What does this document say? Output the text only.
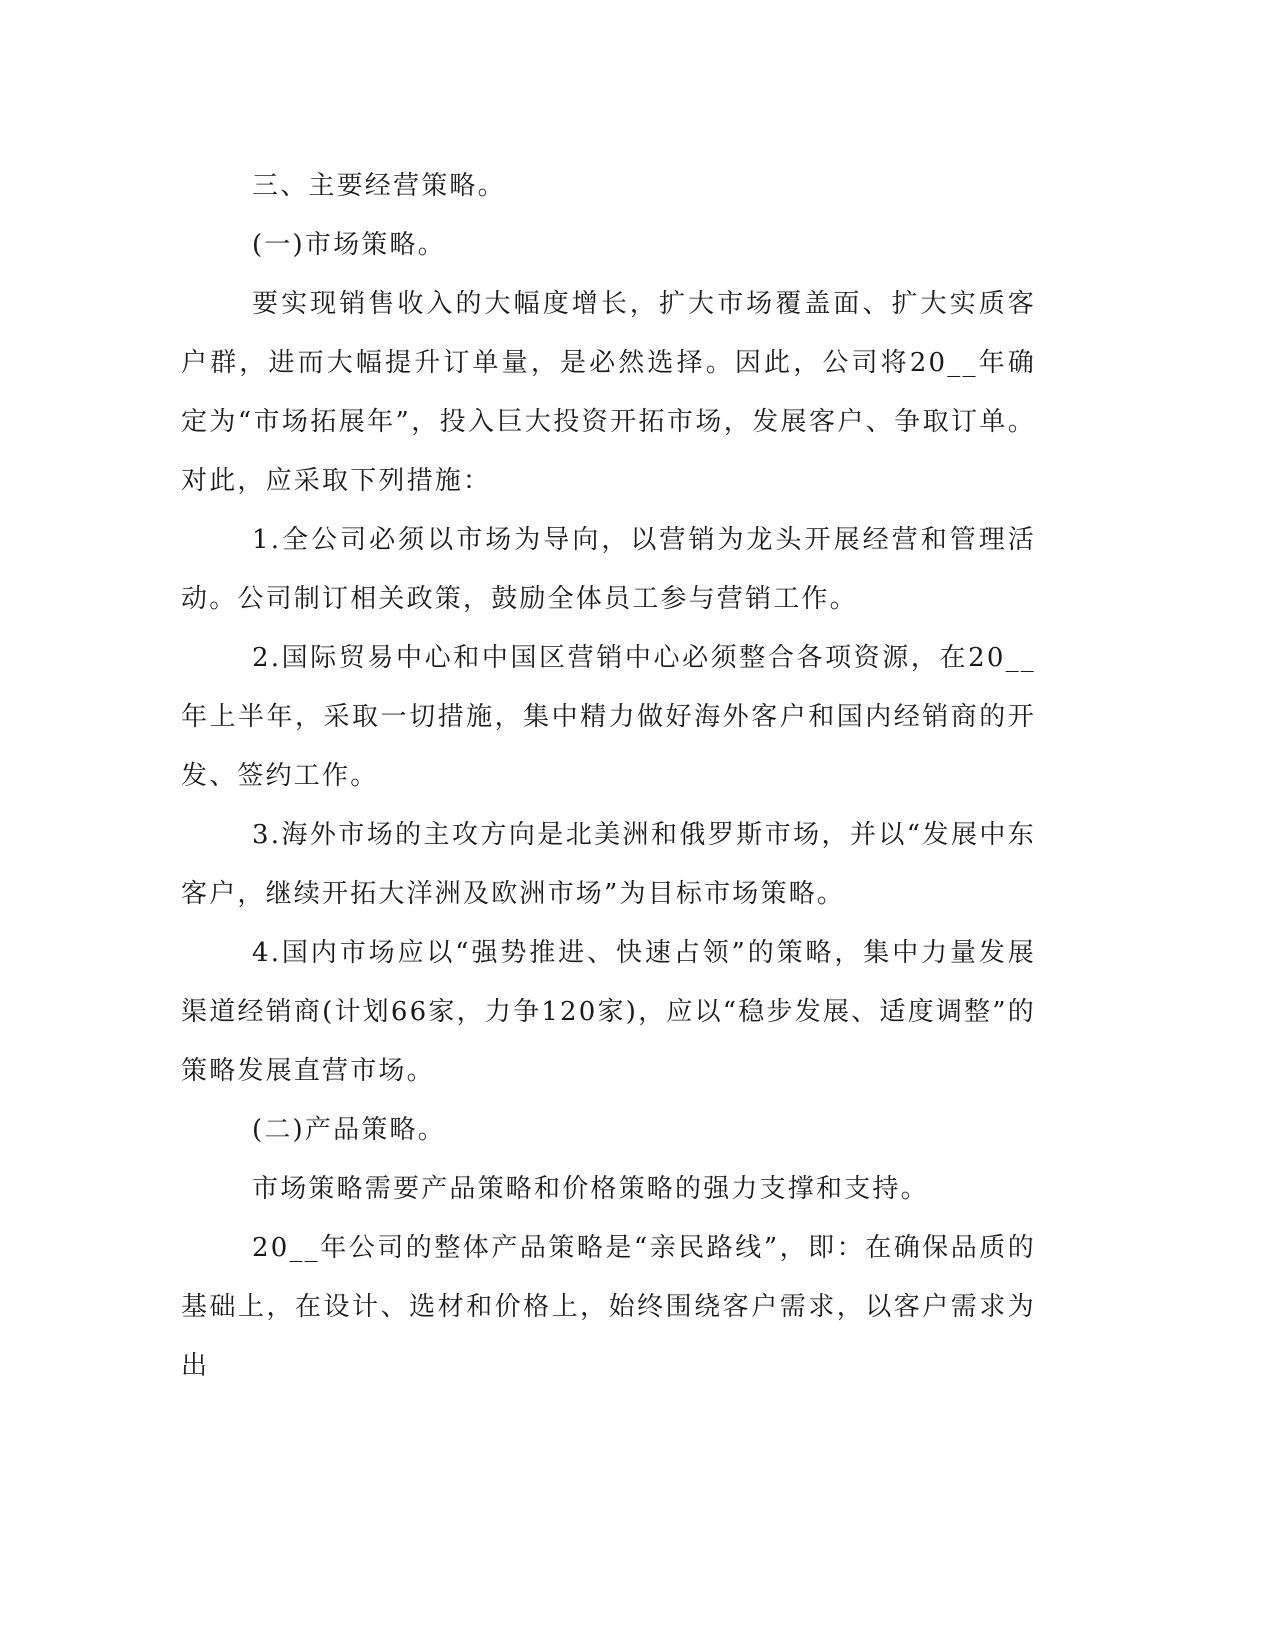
三、主要经营策略。

(一)市场策略。

要实现销售收入的大幅度增长，扩大市场覆盖面、扩大实质客户群，进而大幅提升订单量，是必然选择。因此，公司将20__年确定为“市场拓展年”，投入巨大投资开拓市场，发展客户、争取订单。对此，应采取下列措施：

1.全公司必须以市场为导向，以营销为龙头开展经营和管理活动。公司制订相关政策，鼓励全体员工参与营销工作。

2.国际贸易中心和中国区营销中心必须整合各项资源，在20__年上半年，采取一切措施，集中精力做好海外客户和国内经销商的开发、签约工作。

3.海外市场的主攻方向是北美洲和俄罗斯市场，并以“发展中东客户，继续开拓大洋洲及欧洲市场”为目标市场策略。

4.国内市场应以“强势推进、快速占领”的策略，集中力量发展渠道经销商(计划66家，力争120家)，应以“稳步发展、适度调整”的策略发展直营市场。

(二)产品策略。

市场策略需要产品策略和价格策略的强力支撑和支持。

20__年公司的整体产品策略是“亲民路线”，即：在确保品质的基础上，在设计、选材和价格上，始终围绕客户需求，以客户需求为出
